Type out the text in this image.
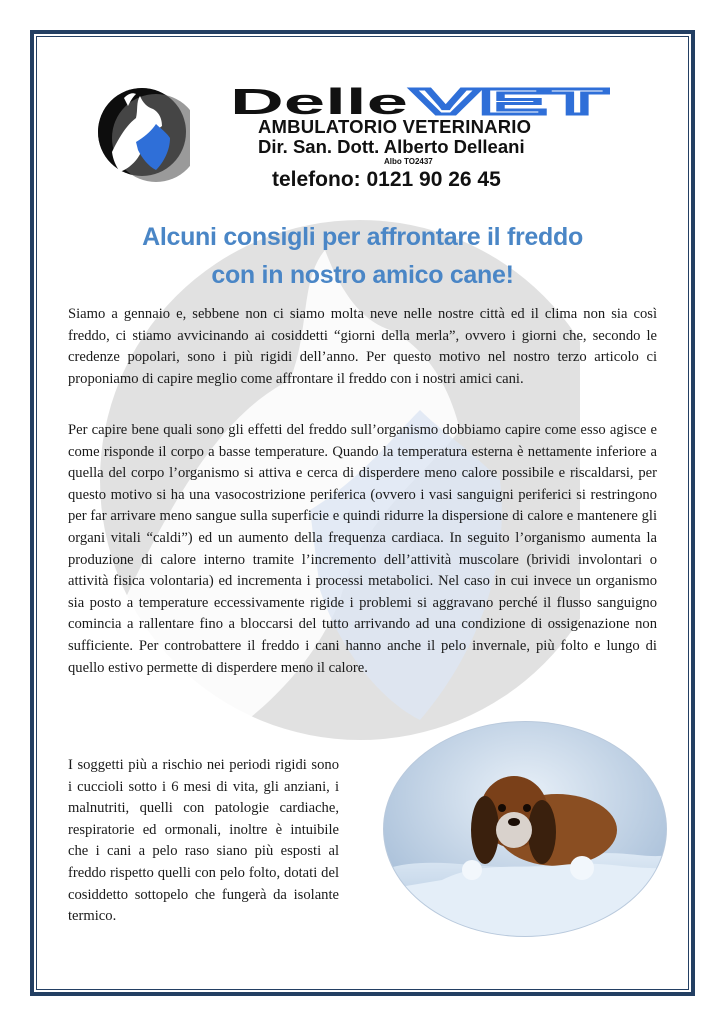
Delle VET
AMBULATORIO VETERINARIO
Dir. San. Dott. Alberto Delleani
Albo TO2437
telefono: 0121 90 26 45
Alcuni consigli per affrontare il freddo
con in nostro amico cane!

Siamo a gennaio e, sebbene non ci siamo molta neve nelle nostre città ed il clima non sia così freddo, ci stiamo avvicinando ai cosiddetti “giorni della merla”, ovvero i giorni che, secondo le credenze popolari, sono i più rigidi dell’anno. Per questo motivo nel nostro terzo articolo ci proponiamo di capire meglio come affrontare il freddo con i nostri amici cani.

Per capire bene quali sono gli effetti del freddo sull’organismo dobbiamo capire come esso agisce e come risponde il corpo a basse temperature. Quando la temperatura esterna è nettamente inferiore a quella del corpo l’organismo si attiva e cerca di disperdere meno calore possibile e riscaldarsi, per questo motivo si ha una vasocostrizione periferica (ovvero i vasi sanguigni periferici si restringono per far arrivare meno sangue sulla superficie e quindi ridurre la dispersione di calore e mantenere gli organi vitali “caldi”) ed un aumento della frequenza cardiaca. In seguito l’organismo aumenta la produzione di calore interno tramite l’incremento dell’attività muscolare (brividi involontari o attività fisica volontaria) ed incrementa i processi metabolici. Nel caso in cui invece un organismo sia posto a temperature eccessivamente rigide i problemi si aggravano perché il flusso sanguigno comincia a rallentare fino a bloccarsi del tutto arrivando ad una condizione di ossigenazione non sufficiente. Per controbattere il freddo i cani hanno anche il pelo invernale, più folto e lungo di quello estivo permette di disperdere meno il calore.

I soggetti più a rischio nei periodi rigidi sono i cuccioli sotto i 6 mesi di vita, gli anziani, i malnutriti, quelli con patologie cardiache, respiratorie ed ormonali, inoltre è intuibile che i cani a pelo raso siano più esposti al freddo rispetto quelli con pelo folto, dotati del cosiddetto sottopelo che fungerà da isolante termico.
